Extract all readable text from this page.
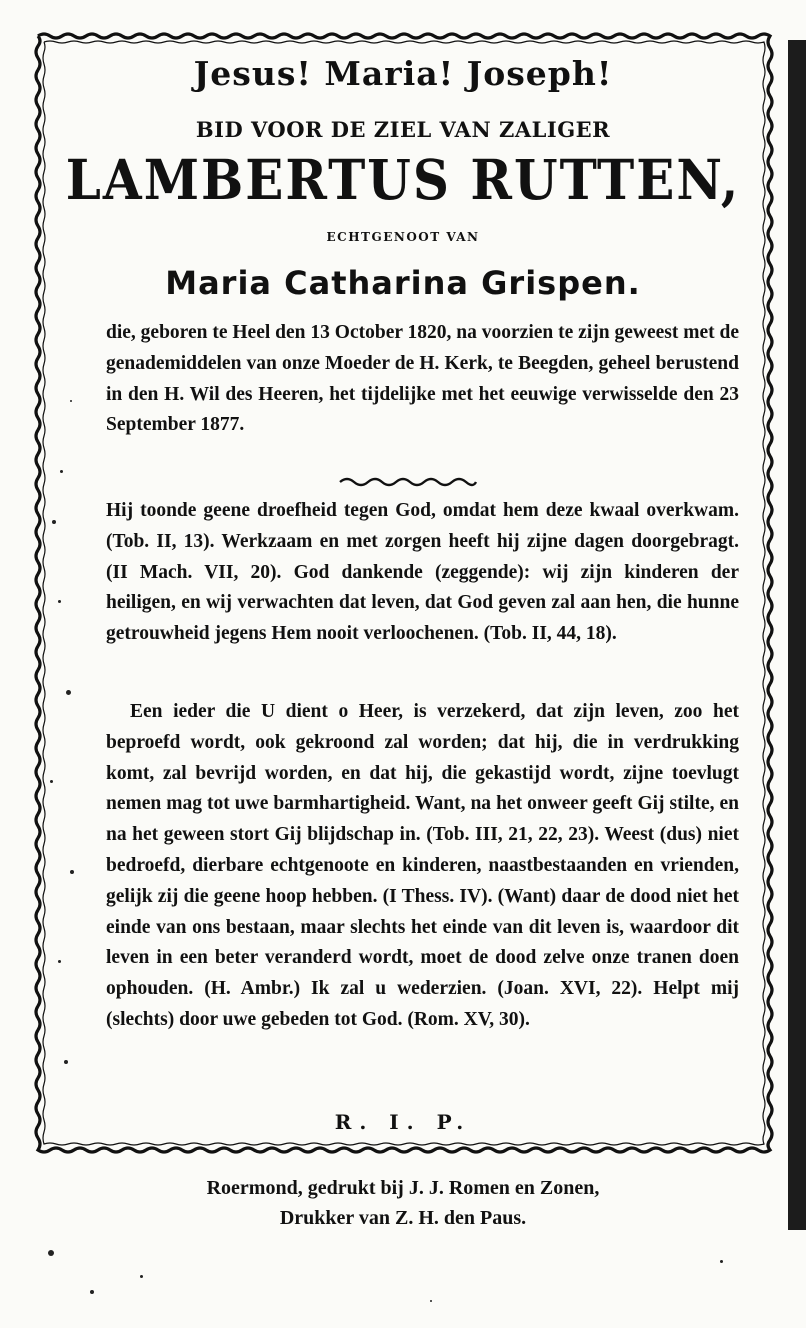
Jesus! Maria! Joseph!
BID VOOR DE ZIEL VAN ZALIGER
LAMBERTUS RUTTEN,
ECHTGENOOT VAN
Maria Catharina Grispen.
die, geboren te Heel den 13 October 1820, na voorzien te zijn geweest met de genademiddelen van onze Moeder de H. Kerk, te Beegden, geheel berustend in den H. Wil des Heeren, het tijdelijke met het eeuwige verwisselde den 23 September 1877.
Hij toonde geene droefheid tegen God, omdat hem deze kwaal overkwam. (Tob. II, 13). Werkzaam en met zorgen heeft hij zijne dagen doorgebragt. (II Mach. VII, 20). God dankende (zeggende): wij zijn kinderen der heiligen, en wij verwachten dat leven, dat God geven zal aan hen, die hunne getrouwheid jegens Hem nooit verloochenen. (Tob. II, 44, 18).
Een ieder die U dient o Heer, is verzekerd, dat zijn leven, zoo het beproefd wordt, ook gekroond zal worden; dat hij, die in verdrukking komt, zal bevrijd worden, en dat hij, die gekastijd wordt, zijne toevlugt nemen mag tot uwe barmhartigheid. Want, na het onweer geeft Gij stilte, en na het geween stort Gij blijdschap in. (Tob. III, 21, 22, 23). Weest (dus) niet bedroefd, dierbare echtgenoote en kinderen, naastbestaanden en vrienden, gelijk zij die geene hoop hebben. (I Thess. IV). (Want) daar de dood niet het einde van ons bestaan, maar slechts het einde van dit leven is, waardoor dit leven in een beter veranderd wordt, moet de dood zelve onze tranen doen ophouden. (H. Ambr.) Ik zal u wederzien. (Joan. XVI, 22). Helpt mij (slechts) door uwe gebeden tot God. (Rom. XV, 30).
R. I. P.
Roermond, gedrukt bij J. J. Romen en Zonen,
Drukker van Z. H. den Paus.
